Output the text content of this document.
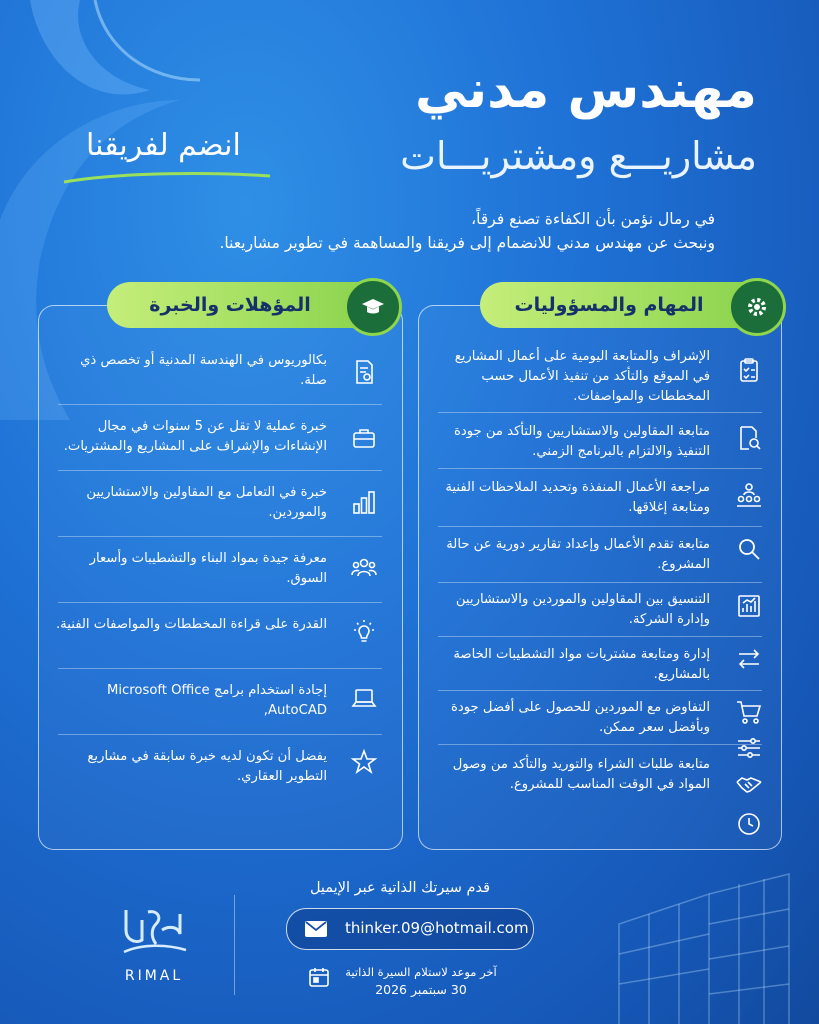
مهندس مدني
مشاريـــع ومشتريـــات
انضم لفريقنا
في رمال نؤمن بأن الكفاءة تصنع فرقاً،
ونبحث عن مهندس مدني للانضمام إلى فريقنا والمساهمة في تطوير مشاريعنا.
المؤهلات والخبرة	المهام والمسؤوليات
بكالوريوس في الهندسة المدنية أو تخصص ذي صلة.
خبرة عملية لا تقل عن 5 سنوات في مجال الإنشاءات والإشراف على المشاريع والمشتريات.
خبرة في التعامل مع المقاولين والاستشاريين والموردين.
معرفة جيدة بمواد البناء والتشطيبات وأسعار السوق.
القدرة على قراءة المخططات والمواصفات الفنية.
إجادة استخدام برامج Microsoft Office ,AutoCAD
يفضل أن تكون لديه خبرة سابقة في مشاريع التطوير العقاري.
الإشراف والمتابعة اليومية على أعمال المشاريع في الموقع والتأكد من تنفيذ الأعمال حسب المخططات والمواصفات.
متابعة المقاولين والاستشاريين والتأكد من جودة التنفيذ والالتزام بالبرنامج الزمني.
مراجعة الأعمال المنفذة وتحديد الملاحظات الفنية ومتابعة إغلاقها.
متابعة تقدم الأعمال وإعداد تقارير دورية عن حالة المشروع.
التنسيق بين المقاولين والموردين والاستشاريين وإدارة الشركة.
إدارة ومتابعة مشتريات مواد التشطيبات الخاصة بالمشاريع.
التفاوض مع الموردين للحصول على أفضل جودة وبأفضل سعر ممكن.
متابعة طلبات الشراء والتوريد والتأكد من وصول المواد في الوقت المناسب للمشروع.
RIMAL
قدم سيرتك الذاتية عبر الإيميل
thinker.09@hotmail.com
آخر موعد لاستلام السيرة الذاتية
30 سبتمبر 2026
